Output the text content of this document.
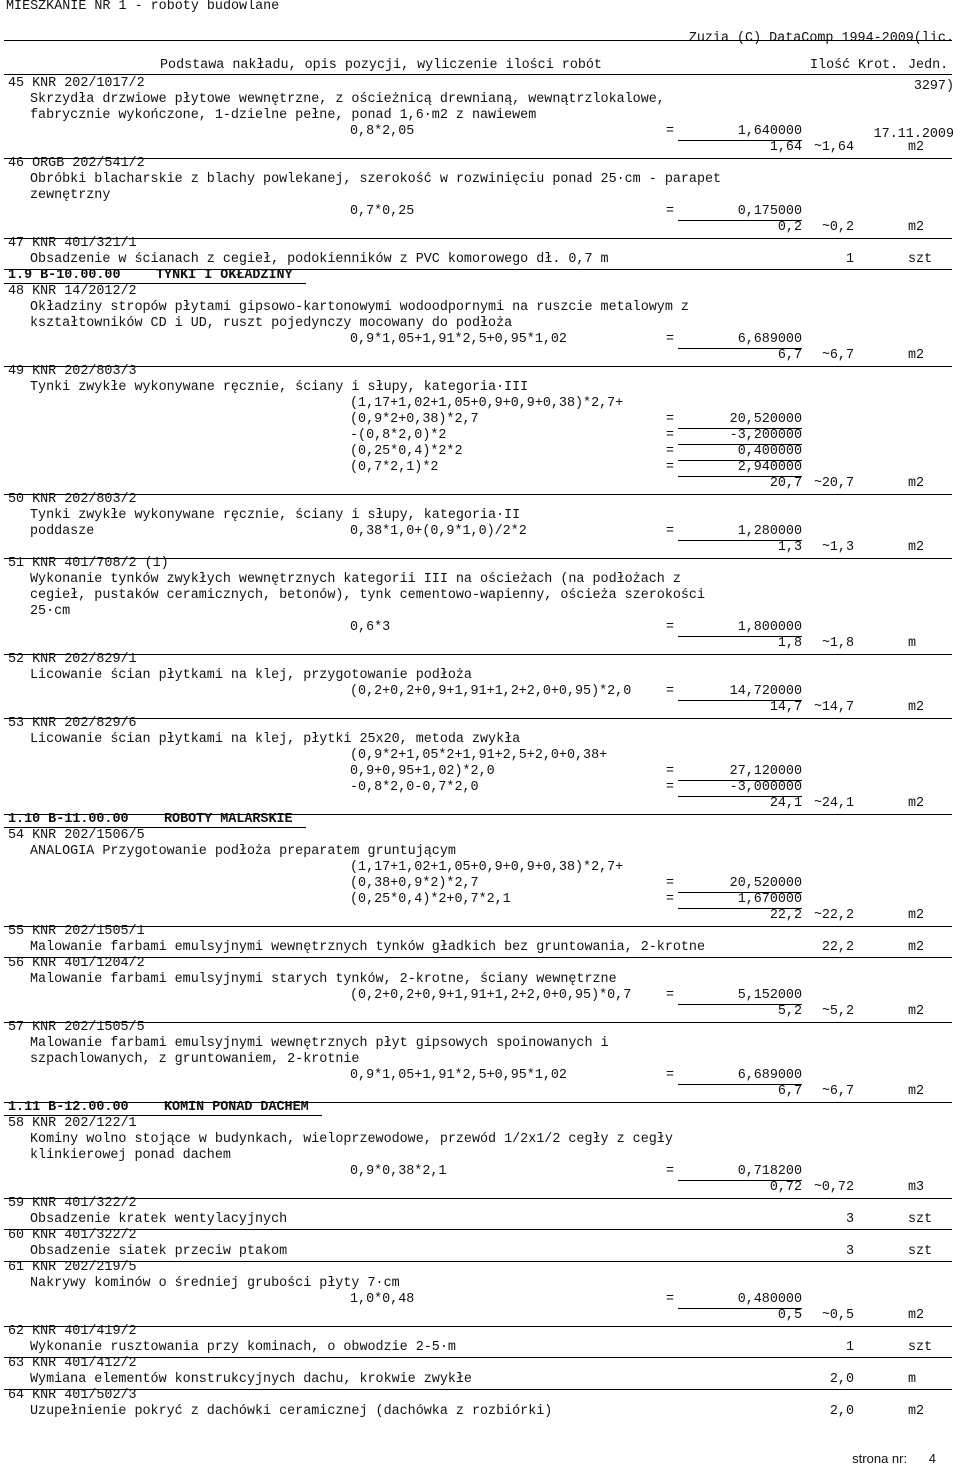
MIESZKANIE NR 1 - roboty budowlane

Zuzia (C) DataComp 1994-2009(lic.

3297)

17.11.2009

Podstawa nakładu, opis pozycji, wyliczenie ilości robót	Ilość Krot. Jedn.
45 KNR 202/1017/2
Skrzydła drzwiowe płytowe wewnętrzne, z ościeżnicą drewnianą, wewnątrzlokalowe,
fabrycznie wykończone, 1-dzielne pełne, ponad 1,6·m2 z nawiewem
0,8*2,05	=	1,640000
1,64 ~1,64	m2
46 ORGB 202/541/2
Obróbki blacharskie z blachy powlekanej, szerokość w rozwinięciu ponad 25·cm - parapet
zewnętrzny
0,7*0,25	=	0,175000
0,2 ~0,2	m2
47 KNR 401/321/1
Obsadzenie w ścianach z cegieł, podokienników z PVC komorowego dł. 0,7 m	1	szt
1.9 B-10.00.00	TYNKI I OKŁADZINY
48 KNR 14/2012/2
Okładziny stropów płytami gipsowo-kartonowymi wodoodpornymi na ruszcie metalowym z
kształtowników CD i UD, ruszt pojedynczy mocowany do podłoża
0,9*1,05+1,91*2,5+0,95*1,02	=	6,689000
6,7 ~6,7	m2
49 KNR 202/803/3
Tynki zwykłe wykonywane ręcznie, ściany i słupy, kategoria·III
(1,17+1,02+1,05+0,9+0,9+0,38)*2,7+
(0,9*2+0,38)*2,7	=	20,520000
-(0,8*2,0)*2	=	-3,200000
(0,25*0,4)*2*2	=	0,400000
(0,7*2,1)*2	=	2,940000
20,7 ~20,7	m2
50 KNR 202/803/2
Tynki zwykłe wykonywane ręcznie, ściany i słupy, kategoria·II
poddasze	0,38*1,0+(0,9*1,0)/2*2	=	1,280000
1,3 ~1,3	m2
51 KNR 401/708/2 (1)
Wykonanie tynków zwykłych wewnętrznych kategorii III na ościeżach (na podłożach z
cegieł, pustaków ceramicznych, betonów), tynk cementowo-wapienny, ościeża szerokości
25·cm
0,6*3	=	1,800000
1,8 ~1,8	m
52 KNR 202/829/1
Licowanie ścian płytkami na klej, przygotowanie podłoża
(0,2+0,2+0,9+1,91+1,2+2,0+0,95)*2,0	=	14,720000
14,7 ~14,7	m2
53 KNR 202/829/6
Licowanie ścian płytkami na klej, płytki 25x20, metoda zwykła
(0,9*2+1,05*2+1,91+2,5+2,0+0,38+
0,9+0,95+1,02)*2,0	=	27,120000
-0,8*2,0-0,7*2,0	=	-3,000000
24,1 ~24,1	m2
1.10 B-11.00.00	ROBOTY MALARSKIE
54 KNR 202/1506/5
ANALOGIA Przygotowanie podłoża preparatem gruntującym
(1,17+1,02+1,05+0,9+0,9+0,38)*2,7+
(0,38+0,9*2)*2,7	=	20,520000
(0,25*0,4)*2+0,7*2,1	=	1,670000
22,2 ~22,2	m2
55 KNR 202/1505/1
Malowanie farbami emulsyjnymi wewnętrznych tynków gładkich bez gruntowania, 2-krotne	22,2	m2
56 KNR 401/1204/2
Malowanie farbami emulsyjnymi starych tynków, 2-krotne, ściany wewnętrzne
(0,2+0,2+0,9+1,91+1,2+2,0+0,95)*0,7	=	5,152000
5,2 ~5,2	m2
57 KNR 202/1505/5
Malowanie farbami emulsyjnymi wewnętrznych płyt gipsowych spoinowanych i
szpachlowanych, z gruntowaniem, 2-krotnie
0,9*1,05+1,91*2,5+0,95*1,02	=	6,689000
6,7 ~6,7	m2
1.11 B-12.00.00	KOMIN PONAD DACHEM
58 KNR 202/122/1
Kominy wolno stojące w budynkach, wieloprzewodowe, przewód 1/2x1/2 cegły z cegły
klinkierowej ponad dachem
0,9*0,38*2,1	=	0,718200
0,72 ~0,72	m3
59 KNR 401/322/2
Obsadzenie kratek wentylacyjnych	3	szt
60 KNR 401/322/2
Obsadzenie siatek przeciw ptakom	3	szt
61 KNR 202/219/5
Nakrywy kominów o średniej grubości płyty 7·cm
1,0*0,48	=	0,480000
0,5 ~0,5	m2
62 KNR 401/419/2
Wykonanie rusztowania przy kominach, o obwodzie 2-5·m	1	szt
63 KNR 401/412/2
Wymiana elementów konstrukcyjnych dachu, krokwie zwykłe	2,0	m
64 KNR 401/502/3
Uzupełnienie pokryć z dachówki ceramicznej (dachówka z rozbiórki)	2,0	m2
strona nr: 4
